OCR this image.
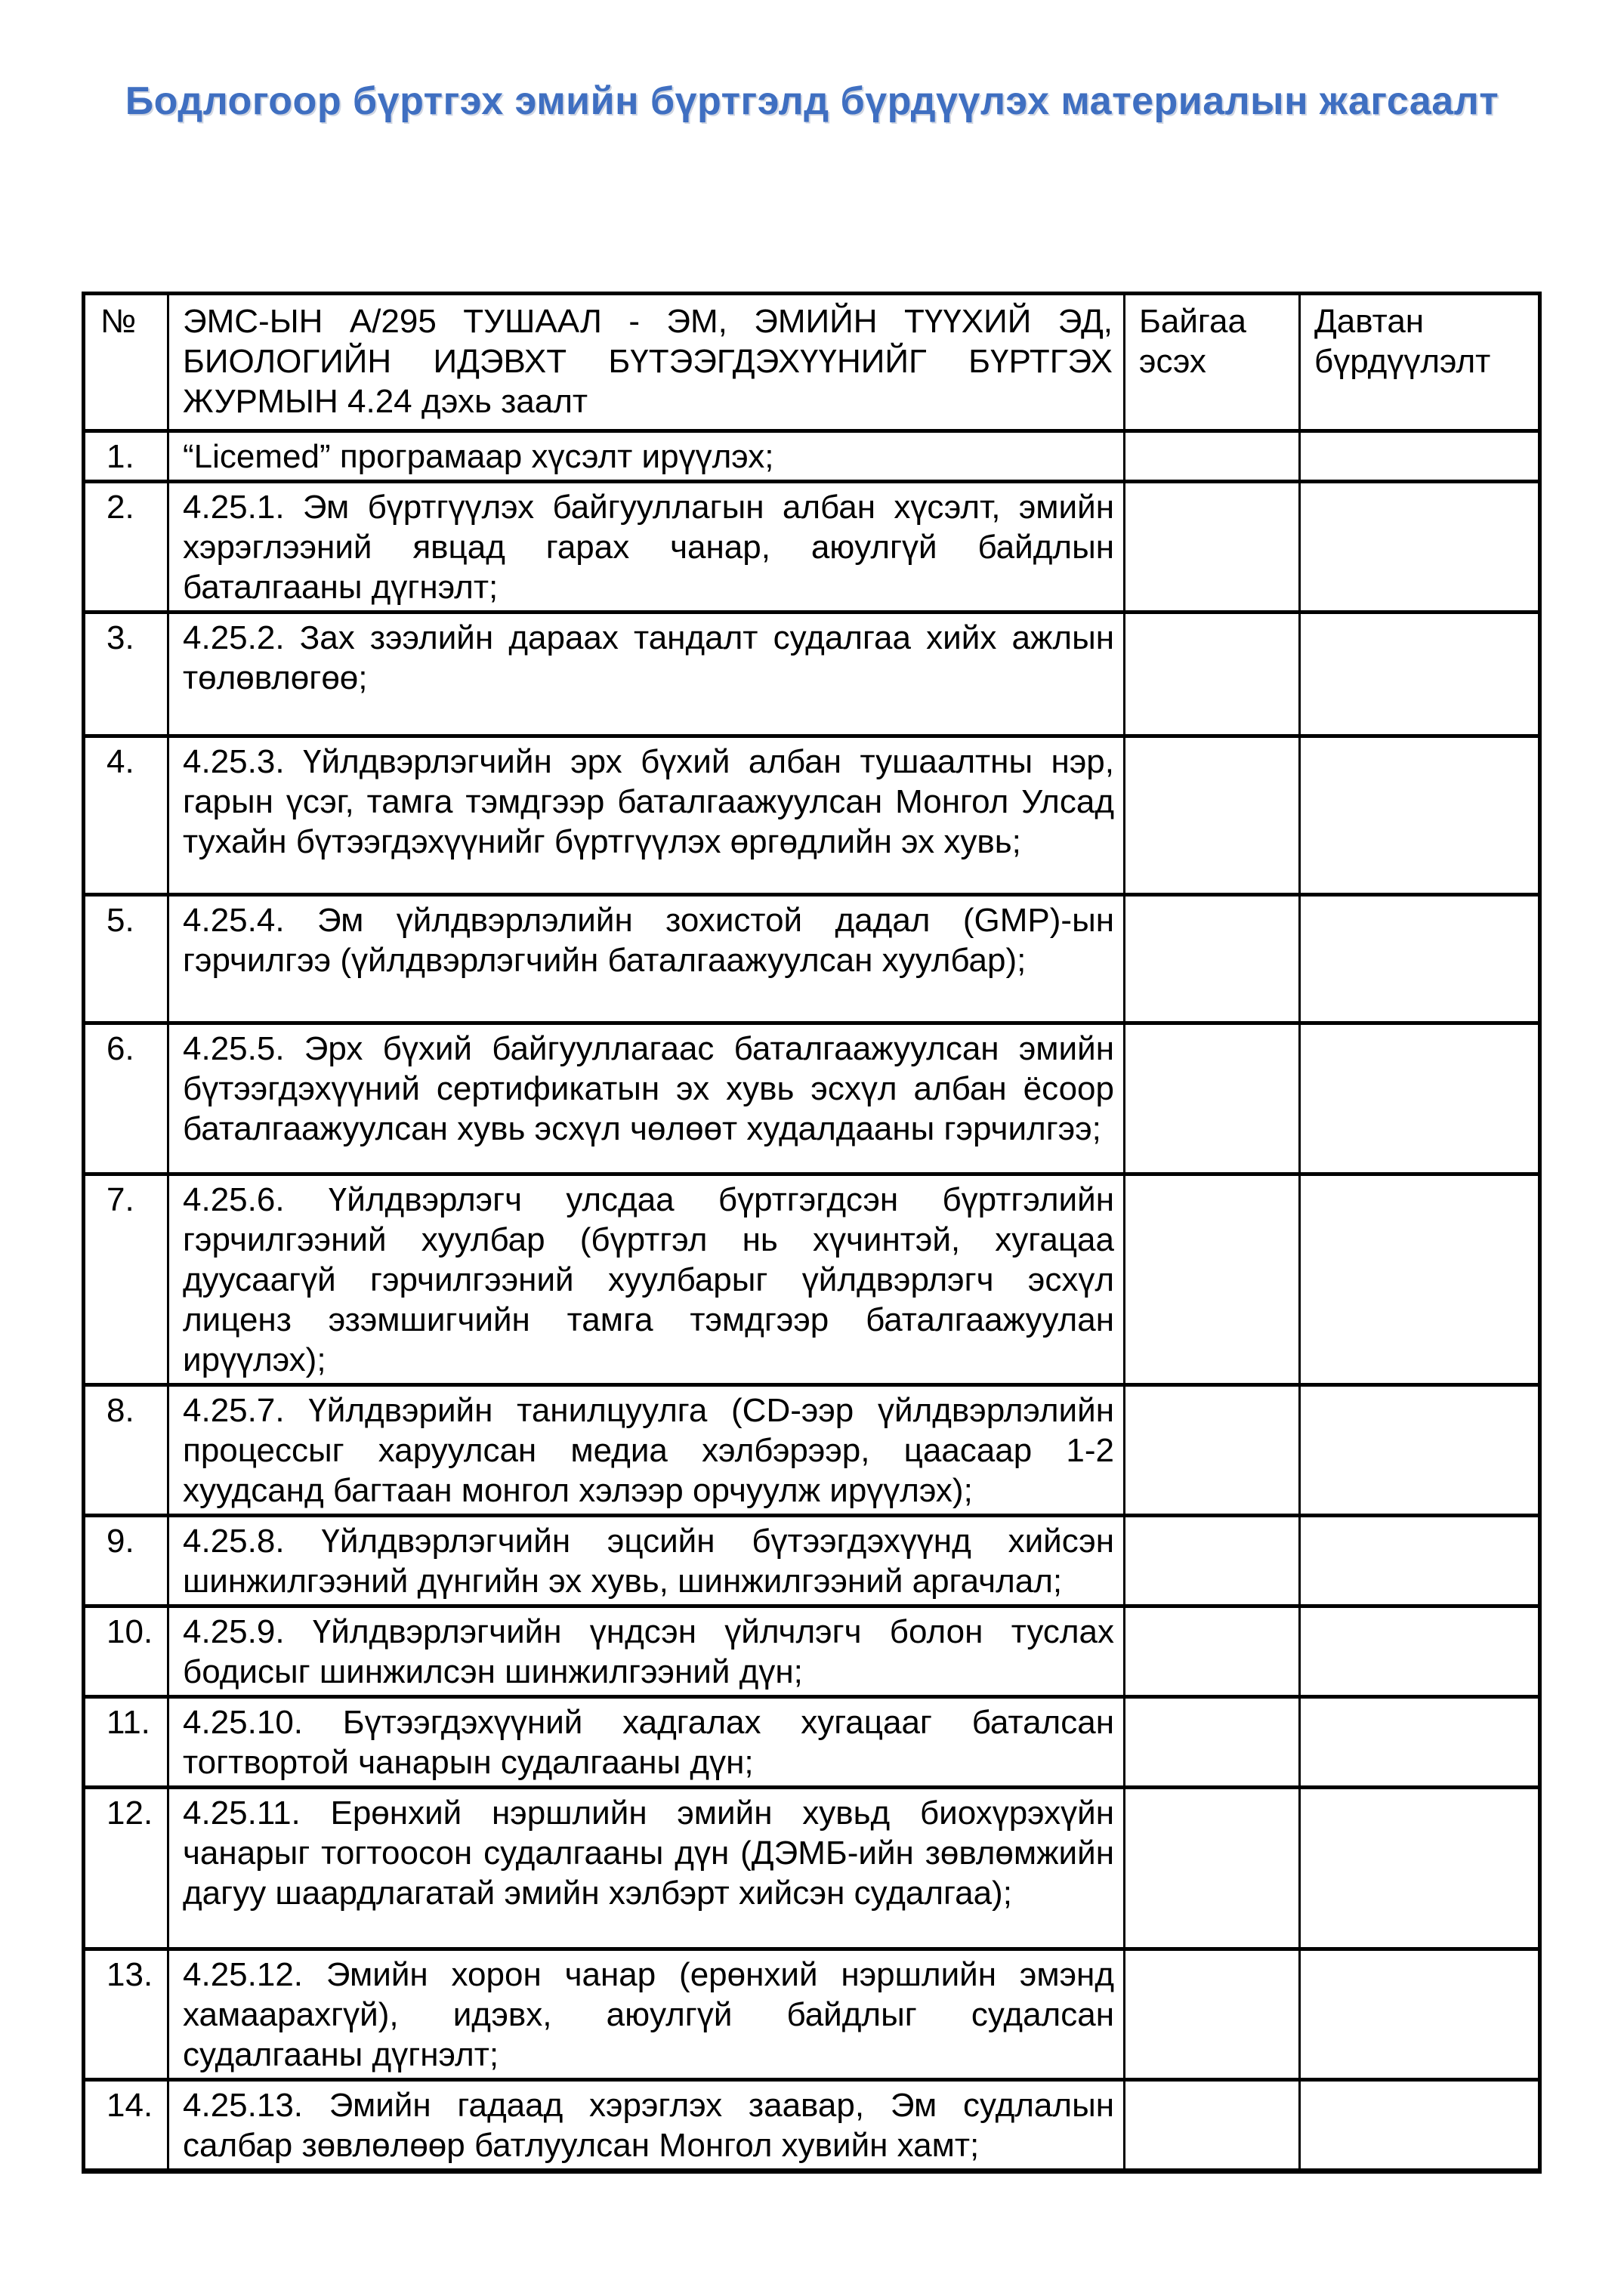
Бодлогоор бүртгэх эмийн бүртгэлд бүрдүүлэх материалын жагсаалт
№	ЭМС-ЫН А/295 ТУШААЛ - ЭМ, ЭМИЙН ТҮҮХИЙ ЭД, БИОЛОГИЙН ИДЭВХТ БҮТЭЭГДЭХҮҮНИЙГ БҮРТГЭХ ЖУРМЫН 4.24 дэхь заалт	Байгаа эсэх	Давтан бүрдүүлэлт
1.	“Licemed” програмаар хүсэлт ирүүлэх;		
2.	4.25.1. Эм бүртгүүлэх байгууллагын албан хүсэлт, эмийн хэрэглээний явцад гарах чанар, аюулгүй байдлын баталгааны дүгнэлт;		
3.	4.25.2. Зах зээлийн дараах тандалт судалгаа хийх ажлын төлөвлөгөө;		
4.	4.25.3. Үйлдвэрлэгчийн эрх бүхий албан тушаалтны нэр, гарын үсэг, тамга тэмдгээр баталгаажуулсан Монгол Улсад тухайн бүтээгдэхүүнийг бүртгүүлэх өргөдлийн эх хувь;		
5.	4.25.4. Эм үйлдвэрлэлийн зохистой дадал (GMP)-ын гэрчилгээ (үйлдвэрлэгчийн баталгаажуулсан хуулбар);		
6.	4.25.5. Эрх бүхий байгууллагаас баталгаажуулсан эмийн бүтээгдэхүүний сертификатын эх хувь эсхүл албан ёсоор баталгаажуулсан хувь эсхүл чөлөөт худалдааны гэрчилгээ;		
7.	4.25.6. Үйлдвэрлэгч улсдаа бүртгэгдсэн бүртгэлийн гэрчилгээний хуулбар (бүртгэл нь хүчинтэй, хугацаа дуусаагүй гэрчилгээний хуулбарыг үйлдвэрлэгч эсхүл лиценз эзэмшигчийн тамга тэмдгээр баталгаажуулан ирүүлэх);		
8.	4.25.7. Үйлдвэрийн танилцуулга (CD-ээр үйлдвэрлэлийн процессыг харуулсан медиа хэлбэрээр, цаасаар 1-2 хуудсанд багтаан монгол хэлээр орчуулж ирүүлэх);		
9.	4.25.8. Үйлдвэрлэгчийн эцсийн бүтээгдэхүүнд хийсэн шинжилгээний дүнгийн эх хувь, шинжилгээний аргачлал;		
10.	4.25.9. Үйлдвэрлэгчийн үндсэн үйлчлэгч болон туслах бодисыг шинжилсэн шинжилгээний дүн;		
11.	4.25.10. Бүтээгдэхүүний хадгалах хугацааг баталсан тогтвортой чанарын судалгааны дүн;		
12.	4.25.11. Ерөнхий нэршлийн эмийн хувьд биохүрэхүйн чанарыг тогтоосон судалгааны дүн (ДЭМБ-ийн зөвлөмжийн дагуу шаардлагатай эмийн хэлбэрт хийсэн судалгаа);		
13.	4.25.12. Эмийн хорон чанар (ерөнхий нэршлийн эмэнд хамаарахгүй), идэвх, аюулгүй байдлыг судалсан судалгааны дүгнэлт;		
14.	4.25.13. Эмийн гадаад хэрэглэх заавар, Эм судлалын салбар зөвлөлөөр батлуулсан Монгол хувийн хамт;		
